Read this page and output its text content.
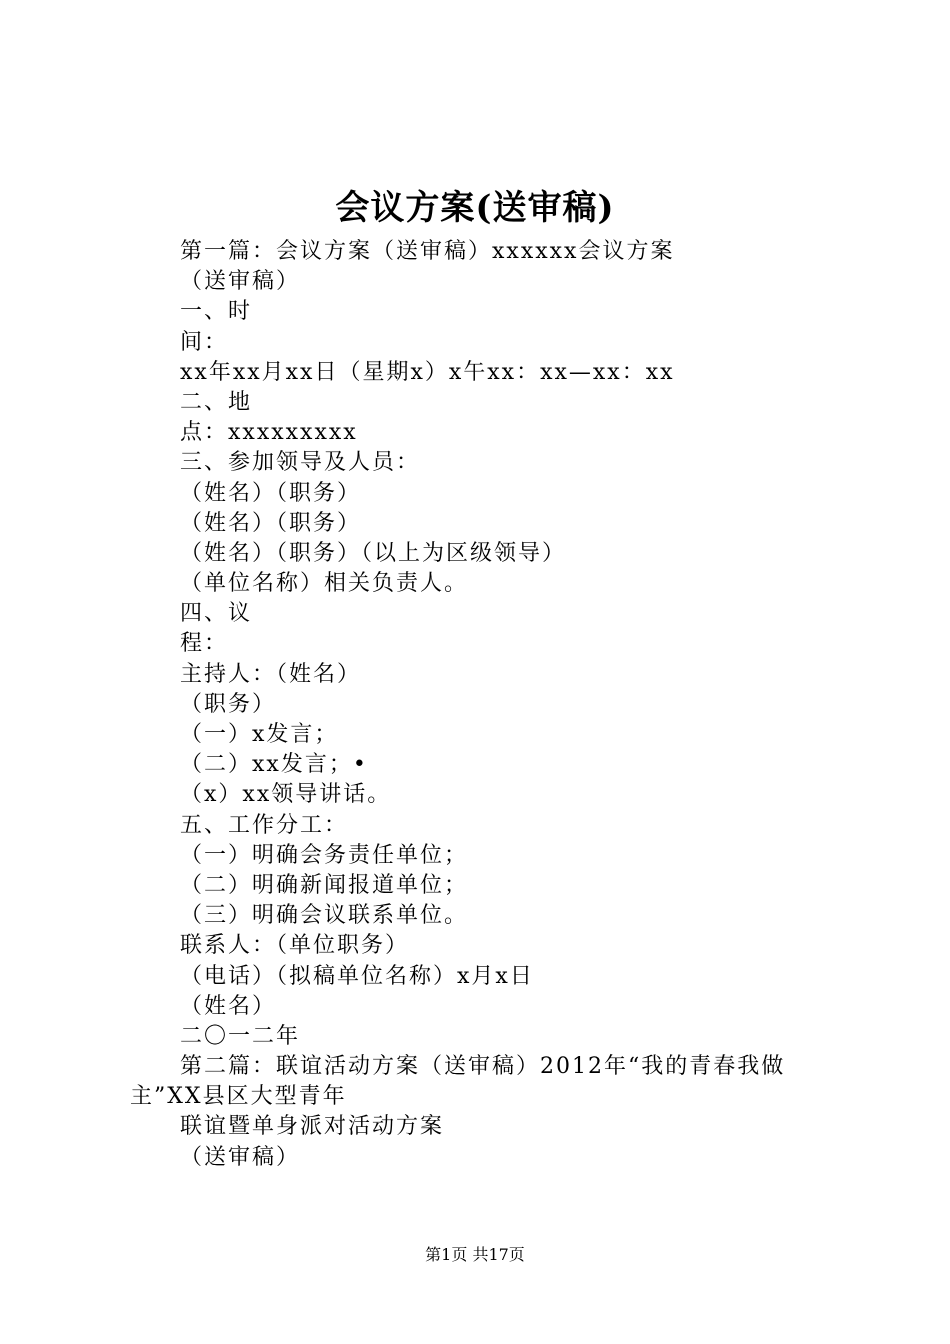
会议方案(送审稿)
第一篇：会议方案（送审稿）xxxxxx会议方案
（送审稿）
一、时
间：
xx年xx月xx日（星期x）x午xx：xx—xx：xx
二、地
点：xxxxxxxxx
三、参加领导及人员：
（姓名）（职务）
（姓名）（职务）
（姓名）（职务）（以上为区级领导）
（单位名称）相关负责人。
四、议
程：
主持人：（姓名）
（职务）
（一）x发言；
（二）xx发言；•
（x）xx领导讲话。
五、工作分工：
（一）明确会务责任单位；
（二）明确新闻报道单位；
（三）明确会议联系单位。
联系人：（单位职务）
（电话）（拟稿单位名称）x月x日
（姓名）
二〇一二年
第二篇：联谊活动方案（送审稿）2012年“我的青春我做
主”XX县区大型青年
联谊暨单身派对活动方案
（送审稿）
第1页 共17页
